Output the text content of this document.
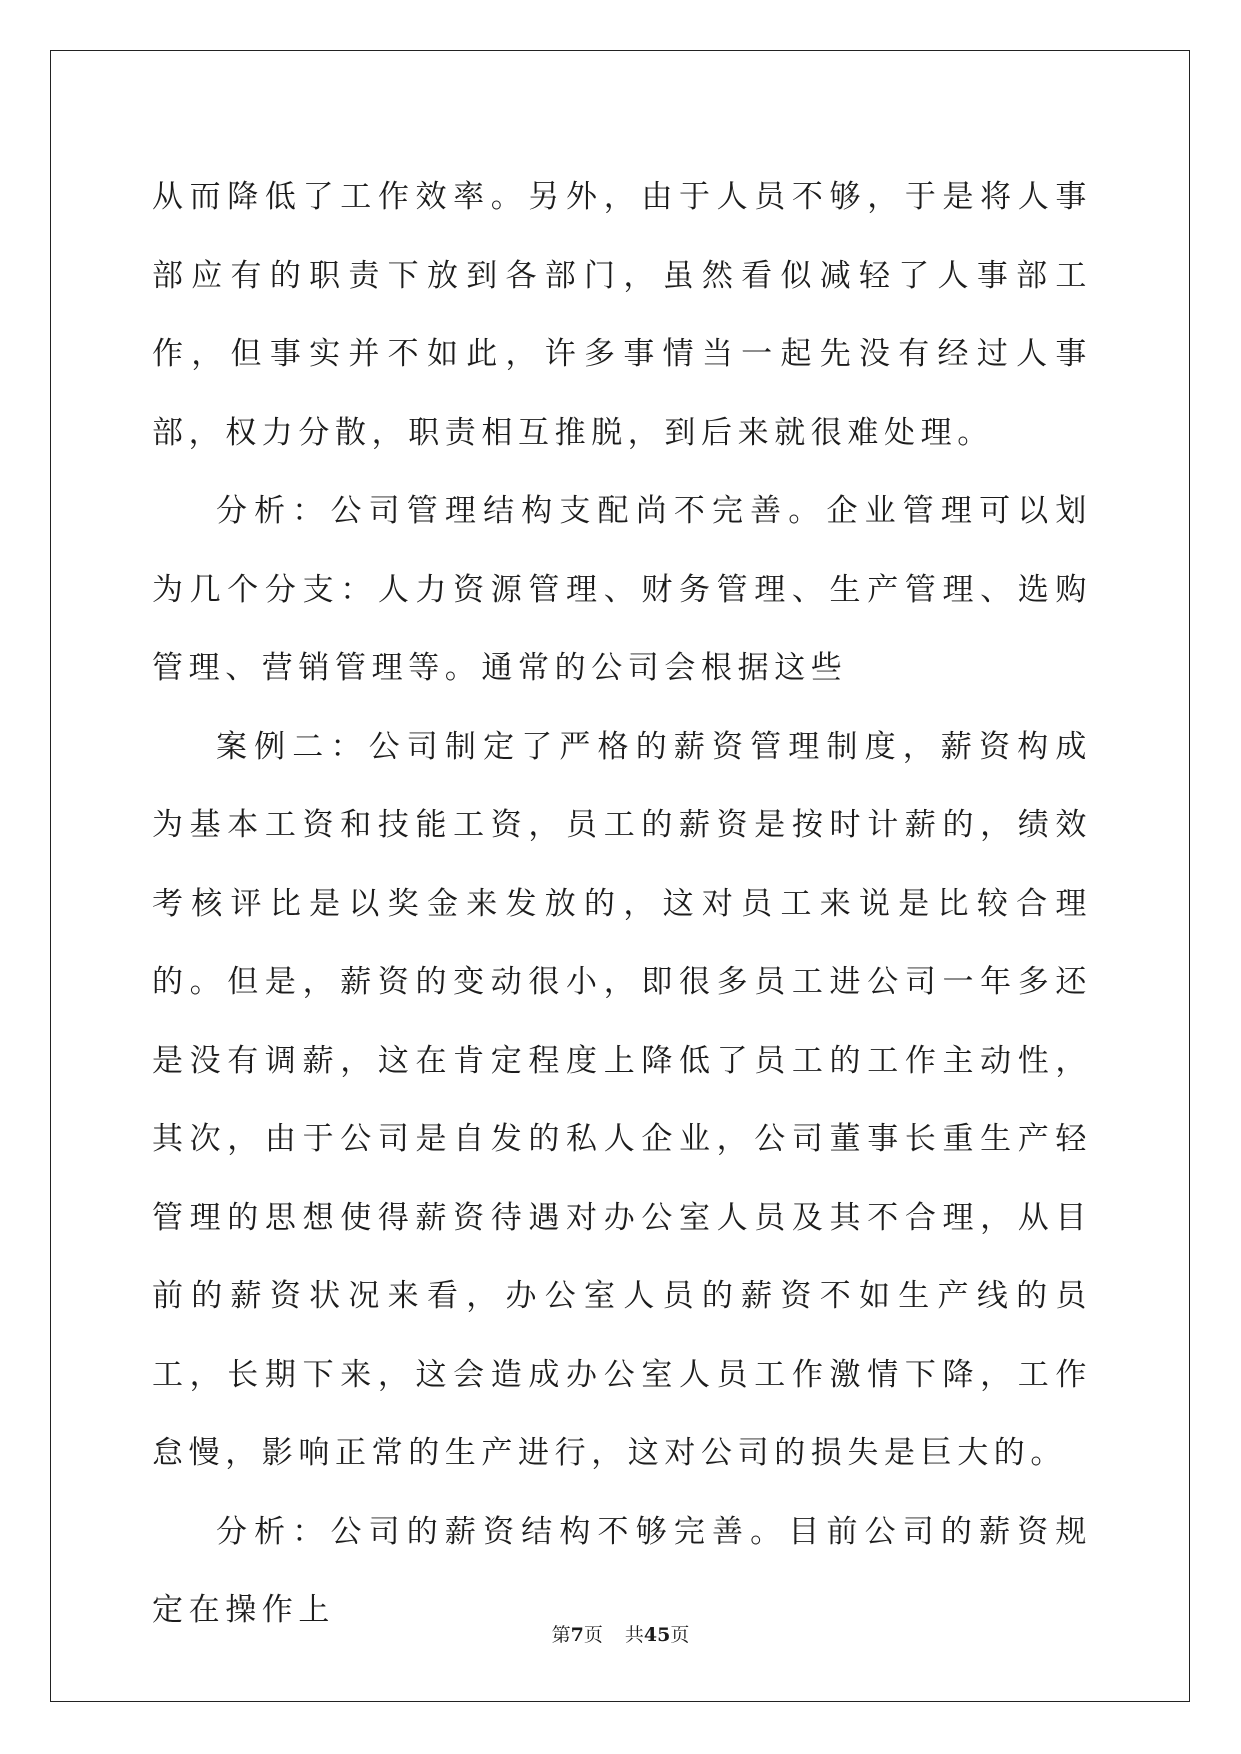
从而降低了工作效率。另外，由于人员不够，于是将人事部应有的职责下放到各部门，虽然看似减轻了人事部工作，但事实并不如此，许多事情当一起先没有经过人事部，权力分散，职责相互推脱，到后来就很难处理。

分析：公司管理结构支配尚不完善。企业管理可以划为几个分支：人力资源管理、财务管理、生产管理、选购 管理、营销管理等。通常的公司会根据这些

案例二：公司制定了严格的薪资管理制度，薪资构成为基本工资和技能工资，员工的薪资是按时计薪的，绩效考核评比是以奖金来发放的，这对员工来说是比较合理的。但是，薪资的变动很小，即很多员工进公司一年多还是没有调薪，这在肯定程度上降低了员工的工作主动性，其次，由于公司是自发的私人企业，公司董事长重生产轻管理的思想使得薪资待遇对办公室人员及其不合理，从目前的薪资状况来看，办公室人员的薪资不如生产线的员工，长期下来，这会造成办公室人员工作激情下降，工作怠慢，影响正常的生产进行，这对公司的损失是巨大的。

分析：公司的薪资结构不够完善。目前公司的薪资规定在操作上

第7页 共45页
